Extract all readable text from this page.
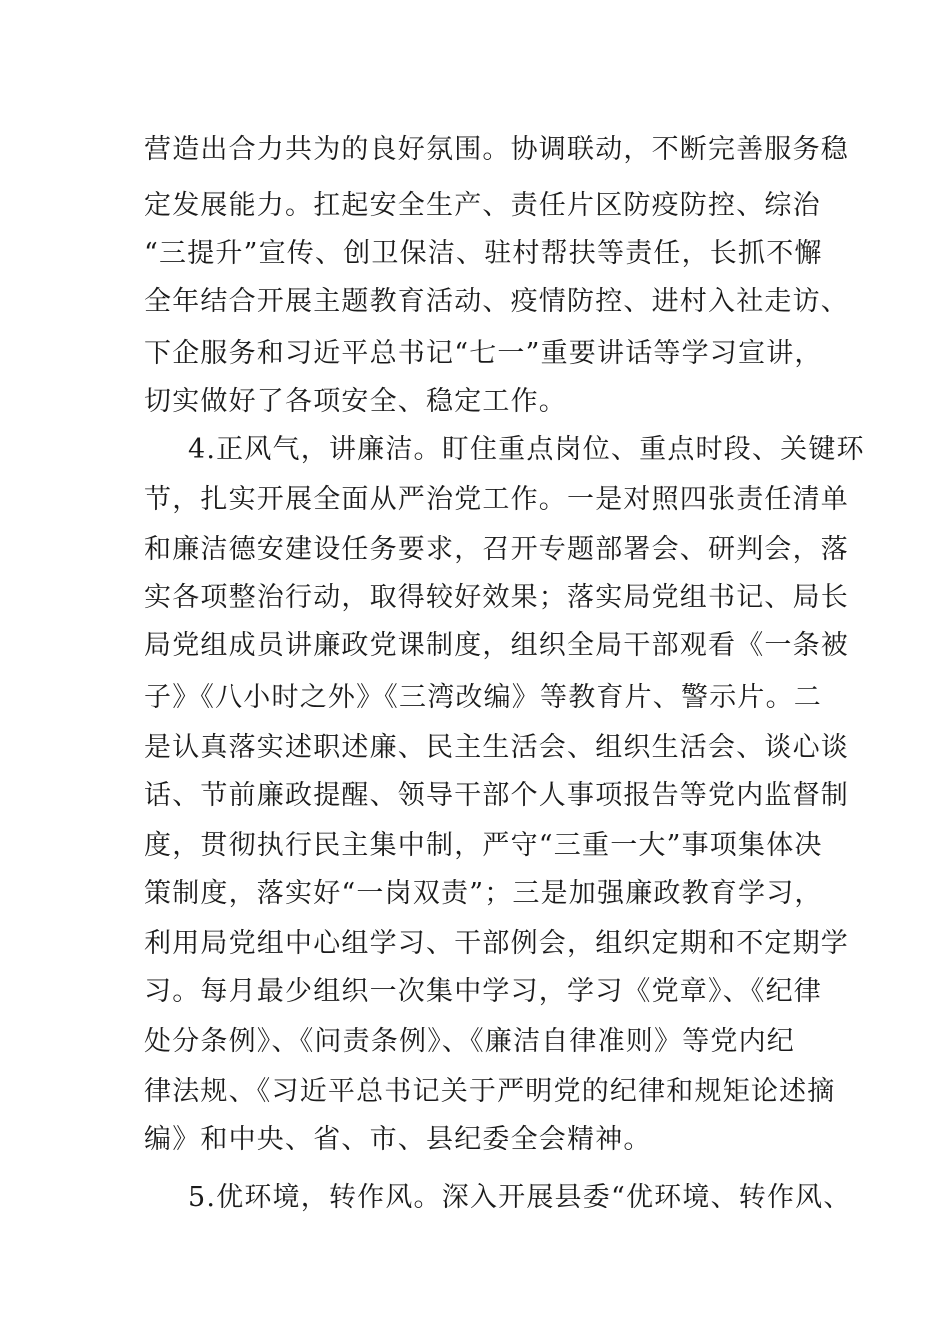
营造出合力共为的良好氛围。协调联动，不断完善服务稳
定发展能力。扛起安全生产、责任片区防疫防控、综治
“三提升”宣传、创卫保洁、驻村帮扶等责任，长抓不懈
全年结合开展主题教育活动、疫情防控、进村入社走访、
下企服务和习近平总书记“七一”重要讲话等学习宣讲，
切实做好了各项安全、稳定工作。
4.正风气，讲廉洁。盯住重点岗位、重点时段、关键环
节，扎实开展全面从严治党工作。一是对照四张责任清单
和廉洁德安建设任务要求，召开专题部署会、研判会，落
实各项整治行动，取得较好效果；落实局党组书记、局长
局党组成员讲廉政党课制度，组织全局干部观看《一条被
子》《八小时之外》《三湾改编》等教育片、警示片。二
是认真落实述职述廉、民主生活会、组织生活会、谈心谈
话、节前廉政提醒、领导干部个人事项报告等党内监督制
度，贯彻执行民主集中制，严守“三重一大”事项集体决
策制度，落实好“一岗双责”；三是加强廉政教育学习，
利用局党组中心组学习、干部例会，组织定期和不定期学
习。每月最少组织一次集中学习，学习《党章》、《纪律
处分条例》、《问责条例》、《廉洁自律准则》等党内纪
律法规、《习近平总书记关于严明党的纪律和规矩论述摘
编》和中央、省、市、县纪委全会精神。
5.优环境，转作风。深入开展县委“优环境、转作风、
